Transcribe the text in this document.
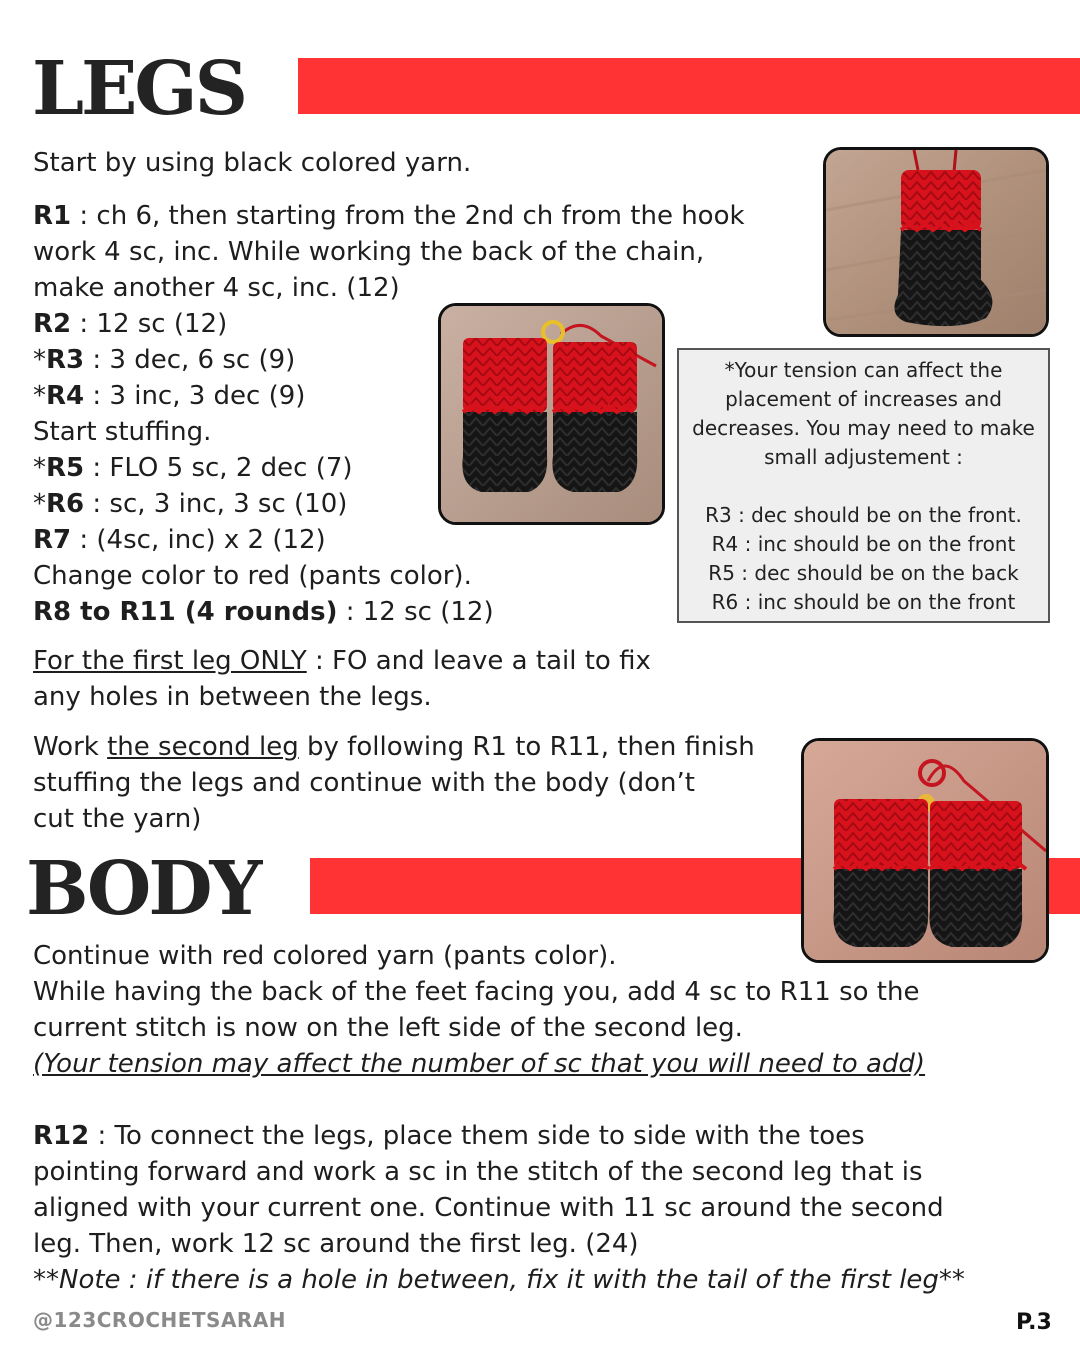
LEGS
Start by using black colored yarn.
R1 : ch 6, then starting from the 2nd ch from the hook
work 4 sc, inc. While working the back of the chain,
make another 4 sc, inc. (12)
R2 : 12 sc (12)
*R3 : 3 dec, 6 sc (9)
*R4 : 3 inc, 3 dec (9)
Start stuffing.
*R5 : FLO 5 sc, 2 dec (7)
*R6 : sc, 3 inc, 3 sc (10)
R7 : (4sc, inc) x 2 (12)
Change color to red (pants color).
R8 to R11 (4 rounds) : 12 sc (12)
For the first leg ONLY : FO and leave a tail to fix
any holes in between the legs.
Work the second leg by following R1 to R11, then finish
stuffing the legs and continue with the body (don’t
cut the yarn)
*Your tension can affect the
placement of increases and
decreases. You may need to make
small adjustement :
R3 : dec should be on the front.
R4 : inc should be on the front
R5 : dec should be on the back
R6 : inc should be on the front
BODY
Continue with red colored yarn (pants color).
While having the back of the feet facing you, add 4 sc to R11 so the
current stitch is now on the left side of the second leg.
(Your tension may affect the number of sc that you will need to add)
R12 : To connect the legs, place them side to side with the toes
pointing forward and work a sc in the stitch of the second leg that is
aligned with your current one. Continue with 11 sc around the second
leg. Then, work 12 sc around the first leg. (24)
**Note : if there is a hole in between, fix it with the tail of the first leg**
@123CROCHETSARAH	P.3
